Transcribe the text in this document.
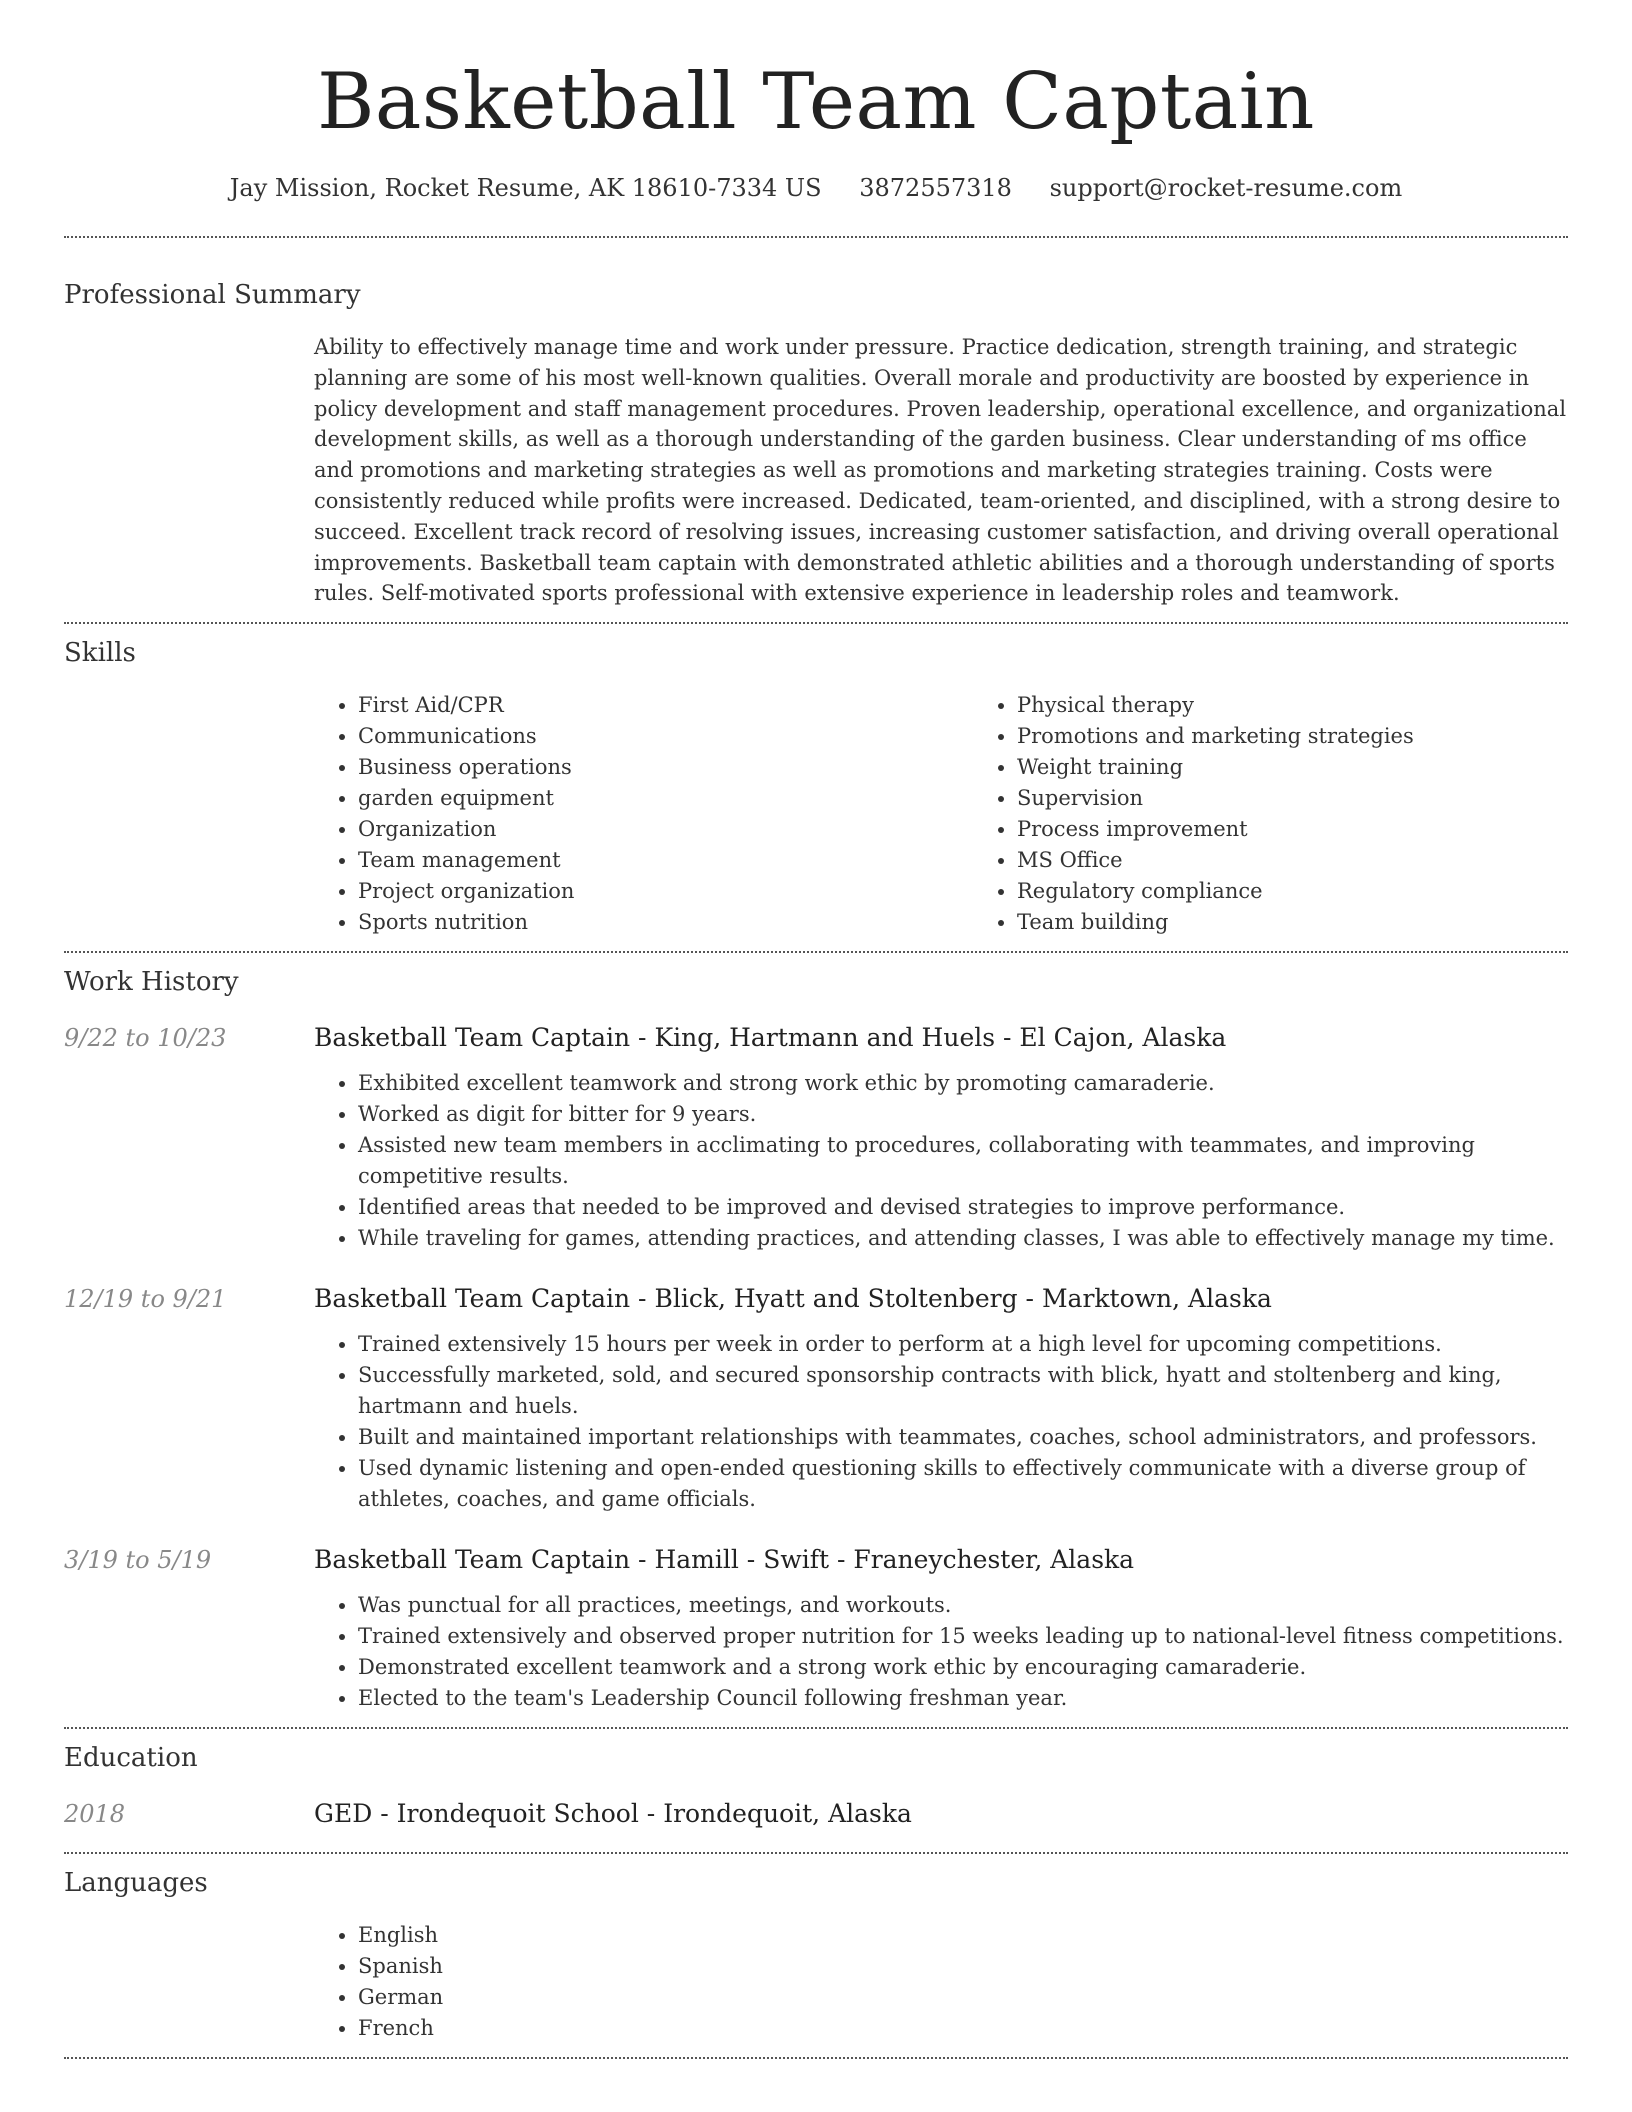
Basketball Team Captain
Jay Mission, Rocket Resume, AK 18610-7334 US 3872557318 support@rocket-resume.com
Professional Summary

Ability to effectively manage time and work under pressure. Practice dedication, strength training, and strategic planning are some of his most well-known qualities. Overall morale and productivity are boosted by experience in policy development and staff management procedures. Proven leadership, operational excellence, and organizational development skills, as well as a thorough understanding of the garden business. Clear understanding of ms office and promotions and marketing strategies as well as promotions and marketing strategies training. Costs were consistently reduced while profits were increased. Dedicated, team-oriented, and disciplined, with a strong desire to succeed. Excellent track record of resolving issues, increasing customer satisfaction, and driving overall operational improvements. Basketball team captain with demonstrated athletic abilities and a thorough understanding of sports rules. Self-motivated sports professional with extensive experience in leadership roles and teamwork.

Skills
• First Aid/CPR
• Communications
• Business operations
• garden equipment
• Organization
• Team management
• Project organization
• Sports nutrition
• Physical therapy
• Promotions and marketing strategies
• Weight training
• Supervision
• Process improvement
• MS Office
• Regulatory compliance
• Team building
Work History
9/22 to 10/23	Basketball Team Captain - King, Hartmann and Huels - El Cajon, Alaska
• Exhibited excellent teamwork and strong work ethic by promoting camaraderie.
• Worked as digit for bitter for 9 years.
• Assisted new team members in acclimating to procedures, collaborating with teammates, and improving competitive results.
• Identified areas that needed to be improved and devised strategies to improve performance.
• While traveling for games, attending practices, and attending classes, I was able to effectively manage my time.
12/19 to 9/21	Basketball Team Captain - Blick, Hyatt and Stoltenberg - Marktown, Alaska
• Trained extensively 15 hours per week in order to perform at a high level for upcoming competitions.
• Successfully marketed, sold, and secured sponsorship contracts with blick, hyatt and stoltenberg and king, hartmann and huels.
• Built and maintained important relationships with teammates, coaches, school administrators, and professors.
• Used dynamic listening and open-ended questioning skills to effectively communicate with a diverse group of athletes, coaches, and game officials.
3/19 to 5/19	Basketball Team Captain - Hamill - Swift - Franeychester, Alaska
• Was punctual for all practices, meetings, and workouts.
• Trained extensively and observed proper nutrition for 15 weeks leading up to national-level fitness competitions.
• Demonstrated excellent teamwork and a strong work ethic by encouraging camaraderie.
• Elected to the team's Leadership Council following freshman year.
Education
2018	GED - Irondequoit School - Irondequoit, Alaska
Languages
• English
• Spanish
• German
• French
